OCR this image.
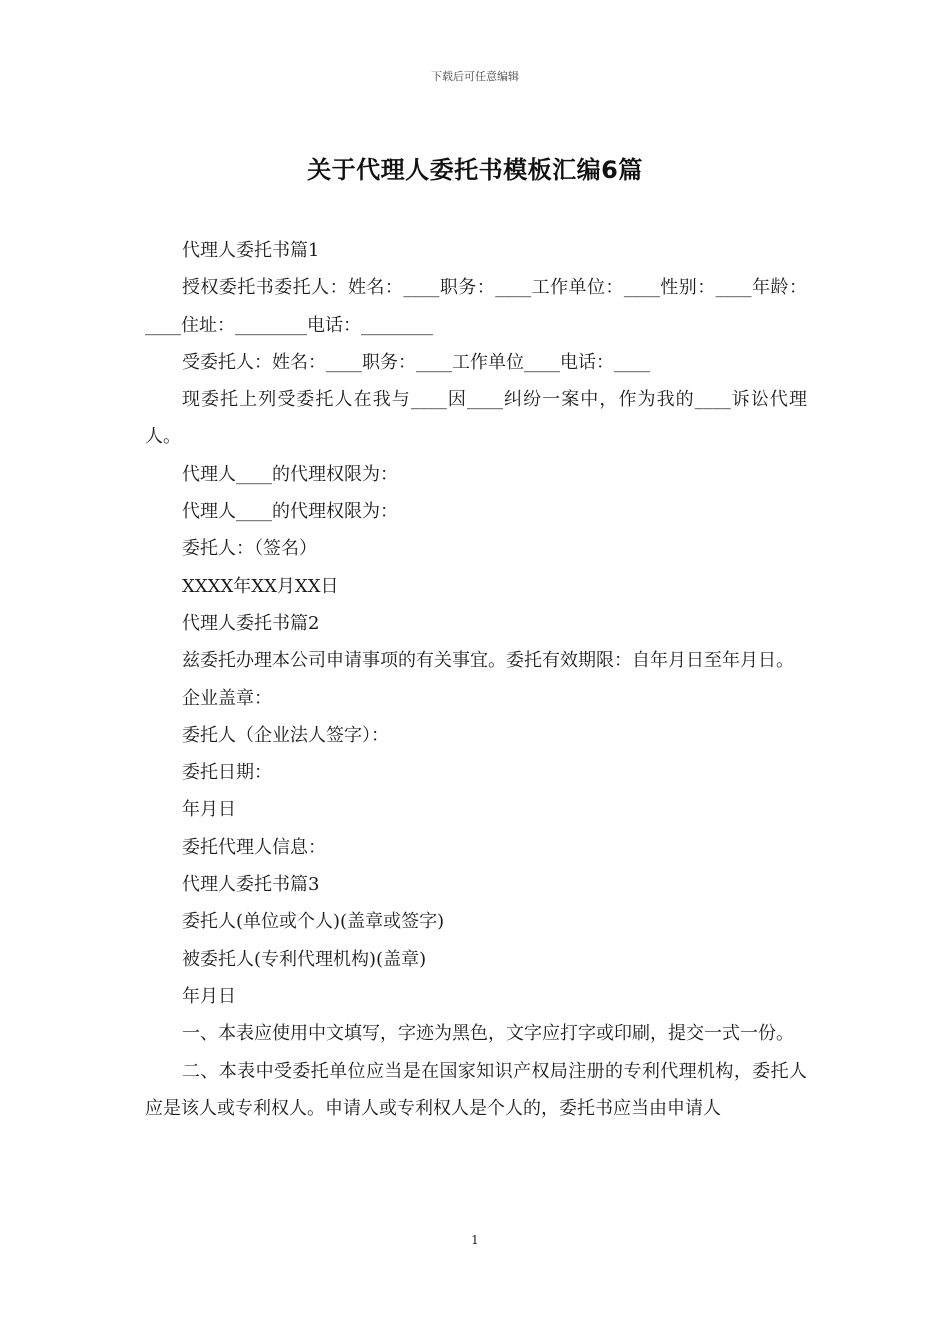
下载后可任意编辑
关于代理人委托书模板汇编6篇

代理人委托书篇1

授权委托书委托人：姓名：____职务：____工作单位：____性别：____年龄：____住址：________电话：________

受委托人：姓名：____职务：____工作单位____电话：____

现委托上列受委托人在我与____因____纠纷一案中，作为我的____诉讼代理人。

代理人____的代理权限为：

代理人____的代理权限为：

委托人：（签名）

XXXX年XX月XX日

代理人委托书篇2

兹委托办理本公司申请事项的有关事宜。委托有效期限：自年月日至年月日。

企业盖章：

委托人（企业法人签字）：

委托日期：

年月日

委托代理人信息：

代理人委托书篇3

委托人(单位或个人)(盖章或签字)

被委托人(专利代理机构)(盖章)

年月日

一、本表应使用中文填写，字迹为黑色，文字应打字或印刷，提交一式一份。

二、本表中受委托单位应当是在国家知识产权局注册的专利代理机构，委托人应是该人或专利权人。申请人或专利权人是个人的，委托书应当由申请人

1
